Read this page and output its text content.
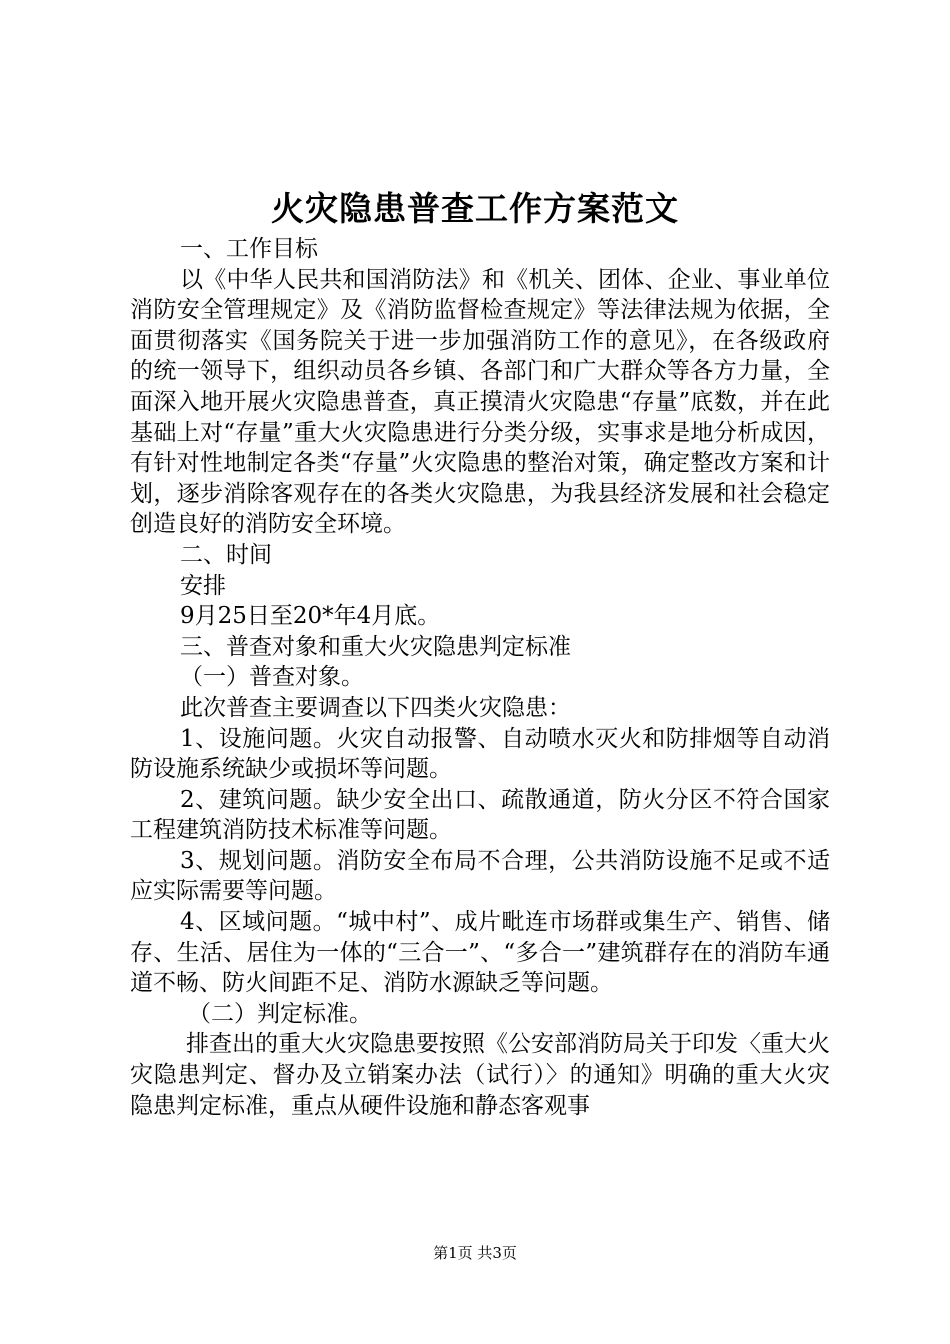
火灾隐患普查工作方案范文

一、工作目标

以《中华人民共和国消防法》和《机关、团体、企业、事业单位消防安全管理规定》及《消防监督检查规定》等法律法规为依据，全面贯彻落实《国务院关于进一步加强消防工作的意见》，在各级政府的统一领导下，组织动员各乡镇、各部门和广大群众等各方力量，全面深入地开展火灾隐患普查，真正摸清火灾隐患“存量”底数，并在此基础上对“存量”重大火灾隐患进行分类分级，实事求是地分析成因，有针对性地制定各类“存量”火灾隐患的整治对策，确定整改方案和计划，逐步消除客观存在的各类火灾隐患，为我县经济发展和社会稳定创造良好的消防安全环境。

二、时间

安排

9月25日至20*年4月底。

三、普查对象和重大火灾隐患判定标准

（一）普查对象。

此次普查主要调查以下四类火灾隐患：

1、设施问题。火灾自动报警、自动喷水灭火和防排烟等自动消防设施系统缺少或损坏等问题。

2、建筑问题。缺少安全出口、疏散通道，防火分区不符合国家工程建筑消防技术标准等问题。

3、规划问题。消防安全布局不合理，公共消防设施不足或不适应实际需要等问题。

4、区域问题。“城中村”、成片毗连市场群或集生产、销售、储存、生活、居住为一体的“三合一”、“多合一”建筑群存在的消防车通道不畅、防火间距不足、消防水源缺乏等问题。

（二）判定标准。

排查出的重大火灾隐患要按照《公安部消防局关于印发〈重大火灾隐患判定、督办及立销案办法（试行）〉的通知》明确的重大火灾隐患判定标准，重点从硬件设施和静态客观事

第1页 共3页
